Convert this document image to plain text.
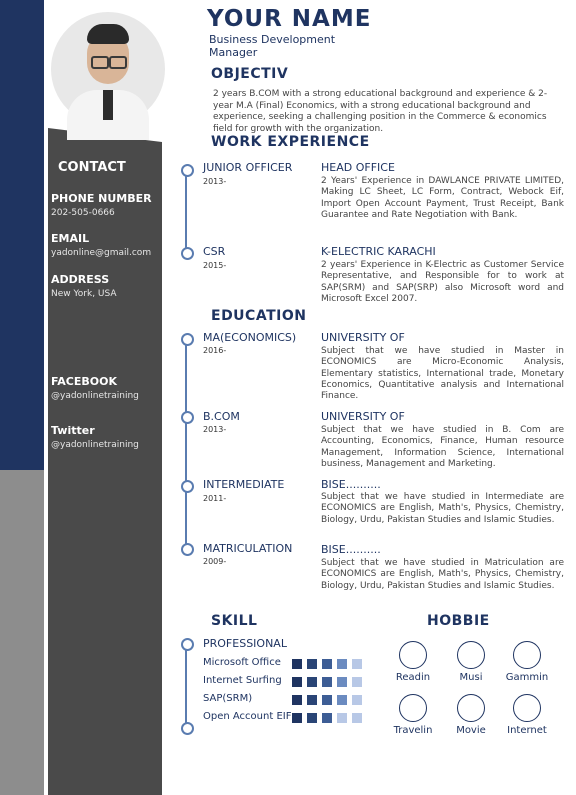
CONTACT
PHONE NUMBER
202-505-0666
EMAIL
yadonline@gmail.com
ADDRESS
New York, USA
FACEBOOK
@yadonlinetraining
Twitter
@yadonlinetraining
YOUR NAME
Business Development Manager
OBJECTIV
2 years B.COM with a strong educational background and experience & 2-year M.A (Final) Economics, with a strong educational background and experience, seeking a challenging position in the Commerce & economics field for growth with the organization.
WORK EXPERIENCE
JUNIOR OFFICER
2013-
HEAD OFFICE
2 Years' Experience in DAWLANCE PRIVATE LIMITED, Making LC Sheet, LC Form, Contract, Webock Eif, Import Open Account Payment, Trust Receipt, Bank Guarantee and Rate Negotiation with Bank.
CSR
2015-
K-ELECTRIC KARACHI
2 years' Experience in K-Electric as Customer Service Representative, and Responsible for to work at SAP(SRM) and SAP(SRP) also Microsoft word and Microsoft Excel 2007.
EDUCATION
MA(ECONOMICS)
2016-
UNIVERSITY OF
Subject that we have studied in Master in ECONOMICS are Micro-Economic Analysis, Elementary statistics, International trade, Monetary Economics, Quantitative analysis and International Finance.
B.COM
2013-
UNIVERSITY OF
Subject that we have studied in B. Com are Accounting, Economics, Finance, Human resource Management, Information Science, International business, Management and Marketing.
INTERMEDIATE
2011-
BISE..........
Subject that we have studied in Intermediate are ECONOMICS are English, Math's, Physics, Chemistry, Biology, Urdu, Pakistan Studies and Islamic Studies.
MATRICULATION
2009-
BISE..........
Subject that we have studied in Matriculation are ECONOMICS are English, Math's, Physics, Chemistry, Biology, Urdu, Pakistan Studies and Islamic Studies.
SKILL
PROFESSIONAL
Microsoft Office
Internet Surfing
SAP(SRM)
Open Account EIF
HOBBIE
Readin	Musi	Gammin
Travelin	Movie	Internet
